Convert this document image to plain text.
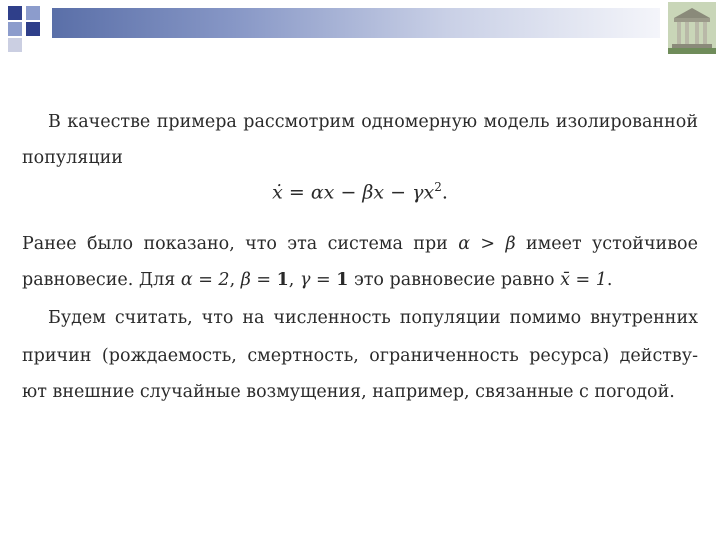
В качестве примера рассмотрим одномерную модель изолированной
популяции
ẋ = $\alpha x - \beta x - \gamma x^2$.
Ранее было показано, что эта система при α > β имеет устойчивое
равновесие. Для α = 2, β = 1, γ = 1 это равновесие равно x̄ = 1.
Будем считать, что на численность популяции помимо внутренних
причин (рождаемость, смертность, ограниченность ресурса) действу-
ют внешние случайные возмущения, например, связанные с погодой.
